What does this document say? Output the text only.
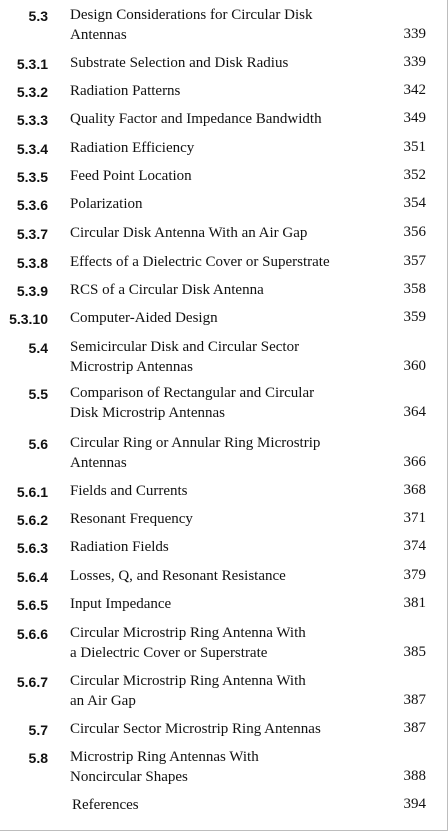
5.3 Design Considerations for Circular Disk
Antennas	339
5.3.1 Substrate Selection and Disk Radius	339
5.3.2 Radiation Patterns	342
5.3.3 Quality Factor and Impedance Bandwidth	349
5.3.4 Radiation Efficiency	351
5.3.5 Feed Point Location	352
5.3.6 Polarization	354
5.3.7 Circular Disk Antenna With an Air Gap	356
5.3.8 Effects of a Dielectric Cover or Superstrate	357
5.3.9 RCS of a Circular Disk Antenna	358
5.3.10 Computer-Aided Design	359
5.4 Semicircular Disk and Circular Sector
Microstrip Antennas	360
5.5 Comparison of Rectangular and Circular
Disk Microstrip Antennas	364
5.6 Circular Ring or Annular Ring Microstrip
Antennas	366
5.6.1 Fields and Currents	368
5.6.2 Resonant Frequency	371
5.6.3 Radiation Fields	374
5.6.4 Losses, Q, and Resonant Resistance	379
5.6.5 Input Impedance	381
5.6.6 Circular Microstrip Ring Antenna With
a Dielectric Cover or Superstrate	385
5.6.7 Circular Microstrip Ring Antenna With
an Air Gap	387
5.7 Circular Sector Microstrip Ring Antennas	387
5.8 Microstrip Ring Antennas With
Noncircular Shapes	388
References	394
